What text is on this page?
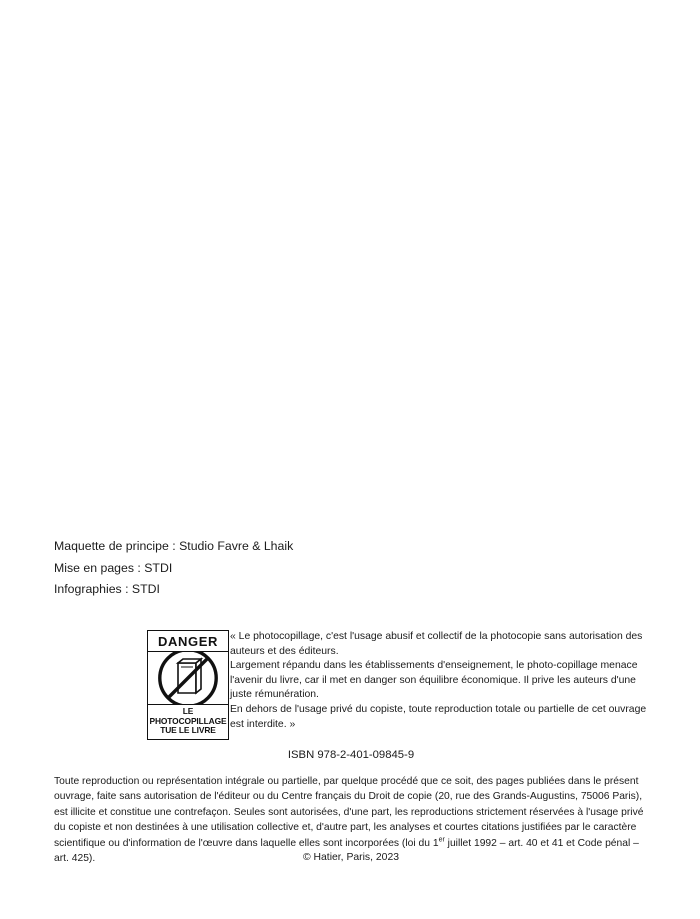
Maquette de principe : Studio Favre & Lhaik
Mise en pages : STDI
Infographies : STDI
DANGER
LE PHOTOCOPILLAGE
TUE LE LIVRE

« Le photocopillage, c'est l'usage abusif et collectif de la photocopie sans autorisation des auteurs et des éditeurs.

Largement répandu dans les établissements d'enseignement, le photo-copillage menace l'avenir du livre, car il met en danger son équilibre économique. Il prive les auteurs d'une juste rémunération.

En dehors de l'usage privé du copiste, toute reproduction totale ou partielle de cet ouvrage est interdite. »

ISBN 978-2-401-09845-9

Toute reproduction ou représentation intégrale ou partielle, par quelque procédé que ce soit, des pages publiées dans le présent ouvrage, faite sans autorisation de l'éditeur ou du Centre français du Droit de copie (20, rue des Grands-Augustins, 75006 Paris), est illicite et constitue une contrefaçon. Seules sont autorisées, d'une part, les reproductions strictement réservées à l'usage privé du copiste et non destinées à une utilisation collective et, d'autre part, les analyses et courtes citations justifiées par le caractère scientifique ou d'information de l'œuvre dans laquelle elles sont incorporées (loi du 1er juillet 1992 – art. 40 et 41 et Code pénal – art. 425).	© Hatier, Paris, 2023
